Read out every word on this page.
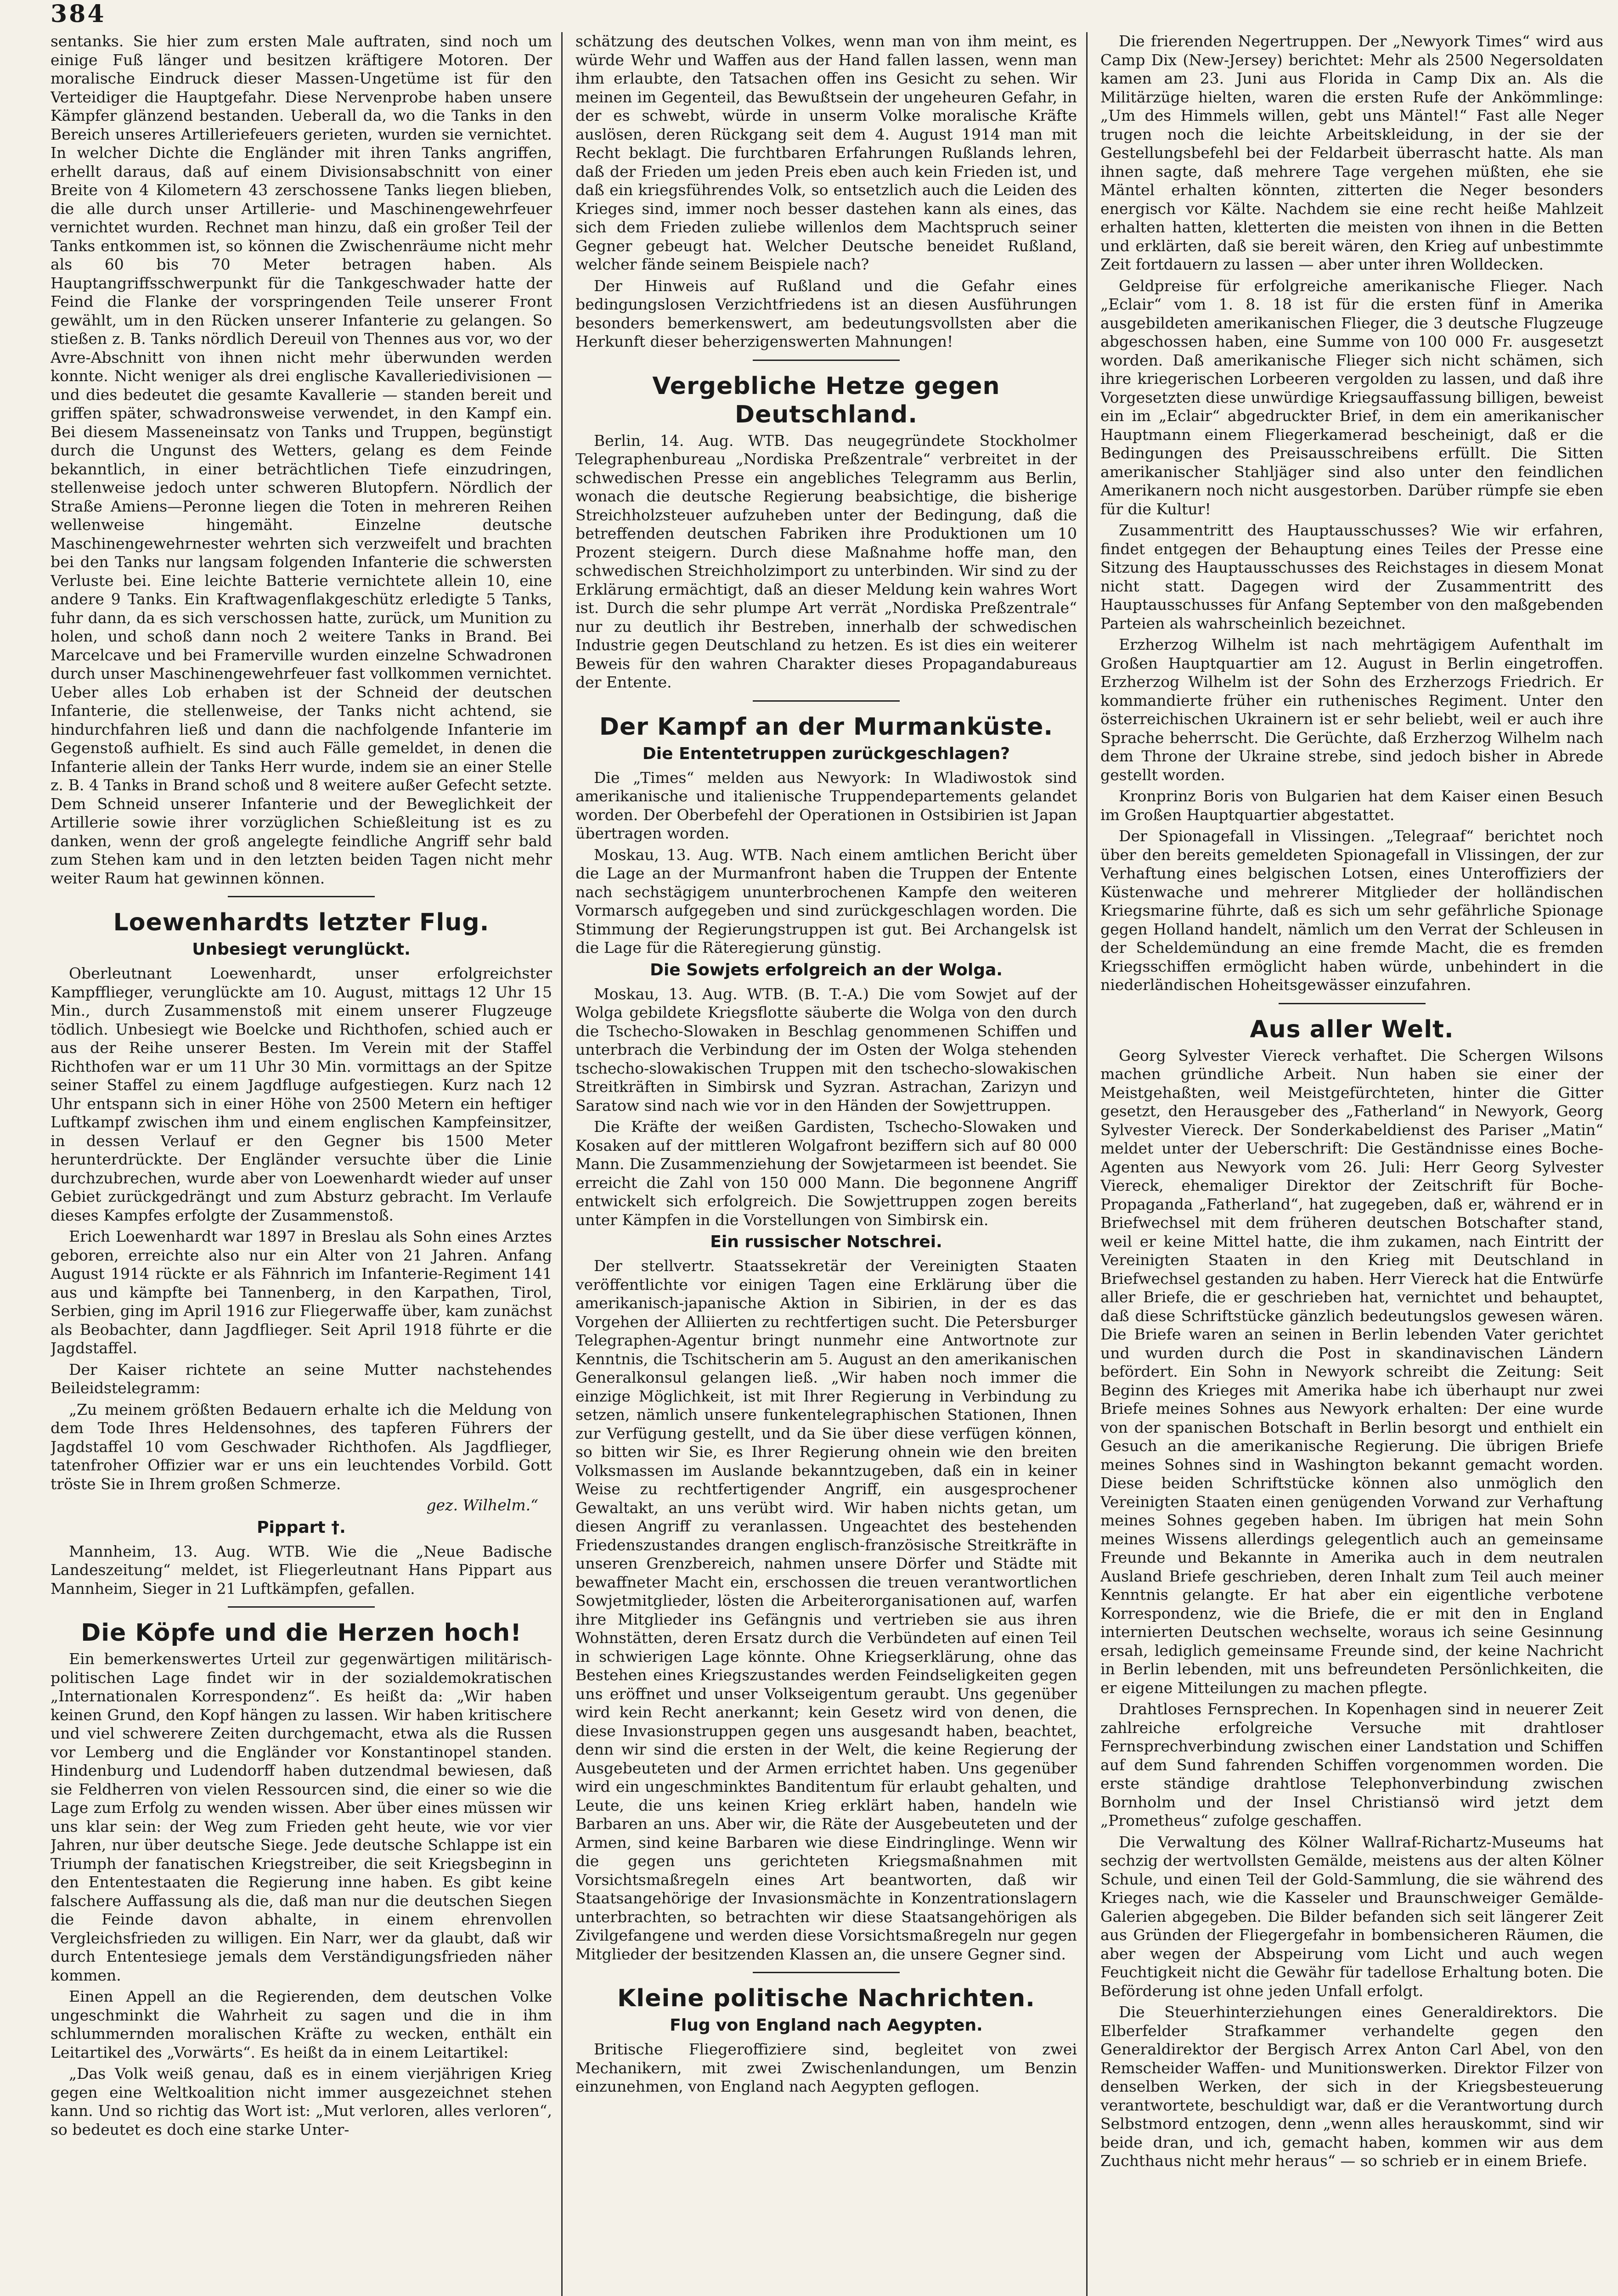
384

sentanks. Sie hier zum ersten Male auftraten, sind noch um einige Fuß länger und besitzen kräftigere Motoren. Der moralische Eindruck dieser Massen-Ungetüme ist für den Verteidiger die Hauptgefahr. Diese Nervenprobe haben unsere Kämpfer glänzend bestanden. Ueberall da, wo die Tanks in den Bereich unseres Artilleriefeuers gerieten, wurden sie vernichtet. In welcher Dichte die Engländer mit ihren Tanks angriffen, erhellt daraus, daß auf einem Divisionsabschnitt von einer Breite von 4 Kilometern 43 zerschossene Tanks liegen blieben, die alle durch unser Artillerie- und Maschinengewehrfeuer vernichtet wurden. Rechnet man hinzu, daß ein großer Teil der Tanks entkommen ist, so können die Zwischenräume nicht mehr als 60 bis 70 Meter betragen haben. Als Hauptangriffsschwerpunkt für die Tankgeschwader hatte der Feind die Flanke der vorspringenden Teile unserer Front gewählt, um in den Rücken unserer Infanterie zu gelangen. So stießen z. B. Tanks nördlich Dereuil von Thennes aus vor, wo der Avre-Abschnitt von ihnen nicht mehr überwunden werden konnte. Nicht weniger als drei englische Kavalleriedivisionen — und dies bedeutet die gesamte Kavallerie — standen bereit und griffen später, schwadronsweise verwendet, in den Kampf ein. Bei diesem Masseneinsatz von Tanks und Truppen, begünstigt durch die Ungunst des Wetters, gelang es dem Feinde bekanntlich, in einer beträchtlichen Tiefe einzudringen, stellenweise jedoch unter schweren Blutopfern. Nördlich der Straße Amiens—Peronne liegen die Toten in mehreren Reihen wellenweise hingemäht. Einzelne deutsche Maschinengewehrnester wehrten sich verzweifelt und brachten bei den Tanks nur langsam folgenden Infanterie die schwersten Verluste bei. Eine leichte Batterie vernichtete allein 10, eine andere 9 Tanks. Ein Kraftwagenflakgeschütz erledigte 5 Tanks, fuhr dann, da es sich verschossen hatte, zurück, um Munition zu holen, und schoß dann noch 2 weitere Tanks in Brand. Bei Marcelcave und bei Framerville wurden einzelne Schwadronen durch unser Maschinengewehrfeuer fast vollkommen vernichtet. Ueber alles Lob erhaben ist der Schneid der deutschen Infanterie, die stellenweise, der Tanks nicht achtend, sie hindurchfahren ließ und dann die nachfolgende Infanterie im Gegenstoß aufhielt. Es sind auch Fälle gemeldet, in denen die Infanterie allein der Tanks Herr wurde, indem sie an einer Stelle z. B. 4 Tanks in Brand schoß und 8 weitere außer Gefecht setzte. Dem Schneid unserer Infanterie und der Beweglichkeit der Artillerie sowie ihrer vorzüglichen Schießleitung ist es zu danken, wenn der groß angelegte feindliche Angriff sehr bald zum Stehen kam und in den letzten beiden Tagen nicht mehr weiter Raum hat gewinnen können.

Loewenhardts letzter Flug.
Unbesiegt verunglückt.

Oberleutnant Loewenhardt, unser erfolgreichster Kampfflieger, verunglückte am 10. August, mittags 12 Uhr 15 Min., durch Zusammenstoß mit einem unserer Flugzeuge tödlich. Unbesiegt wie Boelcke und Richthofen, schied auch er aus der Reihe unserer Besten. Im Verein mit der Staffel Richthofen war er um 11 Uhr 30 Min. vormittags an der Spitze seiner Staffel zu einem Jagdfluge aufgestiegen. Kurz nach 12 Uhr entspann sich in einer Höhe von 2500 Metern ein heftiger Luftkampf zwischen ihm und einem englischen Kampfeinsitzer, in dessen Verlauf er den Gegner bis 1500 Meter herunterdrückte. Der Engländer versuchte über die Linie durchzubrechen, wurde aber von Loewenhardt wieder auf unser Gebiet zurückgedrängt und zum Absturz gebracht. Im Verlaufe dieses Kampfes erfolgte der Zusammenstoß.

Erich Loewenhardt war 1897 in Breslau als Sohn eines Arztes geboren, erreichte also nur ein Alter von 21 Jahren. Anfang August 1914 rückte er als Fähnrich im Infanterie-Regiment 141 aus und kämpfte bei Tannenberg, in den Karpathen, Tirol, Serbien, ging im April 1916 zur Fliegerwaffe über, kam zunächst als Beobachter, dann Jagdflieger. Seit April 1918 führte er die Jagdstaffel.

Der Kaiser richtete an seine Mutter nachstehendes Beileidstelegramm:

„Zu meinem größten Bedauern erhalte ich die Meldung von dem Tode Ihres Heldensohnes, des tapferen Führers der Jagdstaffel 10 vom Geschwader Richthofen. Als Jagdflieger, tatenfroher Offizier war er uns ein leuchtendes Vorbild. Gott tröste Sie in Ihrem großen Schmerze.

gez. Wilhelm.“

Pippart †.

Mannheim, 13. Aug. WTB. Wie die „Neue Badische Landeszeitung“ meldet, ist Fliegerleutnant Hans Pippart aus Mannheim, Sieger in 21 Luftkämpfen, gefallen.

Die Köpfe und die Herzen hoch!

Ein bemerkenswertes Urteil zur gegenwärtigen militärisch-politischen Lage findet wir in der sozialdemokratischen „Internationalen Korrespondenz“. Es heißt da: „Wir haben keinen Grund, den Kopf hängen zu lassen. Wir haben kritischere und viel schwerere Zeiten durchgemacht, etwa als die Russen vor Lemberg und die Engländer vor Konstantinopel standen. Hindenburg und Ludendorff haben dutzendmal bewiesen, daß sie Feldherren von vielen Ressourcen sind, die einer so wie die Lage zum Erfolg zu wenden wissen. Aber über eines müssen wir uns klar sein: der Weg zum Frieden geht heute, wie vor vier Jahren, nur über deutsche Siege. Jede deutsche Schlappe ist ein Triumph der fanatischen Kriegstreiber, die seit Kriegsbeginn in den Ententestaaten die Regierung inne haben. Es gibt keine falschere Auffassung als die, daß man nur die deutschen Siegen die Feinde davon abhalte, in einem ehrenvollen Vergleichsfrieden zu willigen. Ein Narr, wer da glaubt, daß wir durch Ententesiege jemals dem Verständigungsfrieden näher kommen.

Einen Appell an die Regierenden, dem deutschen Volke ungeschminkt die Wahrheit zu sagen und die in ihm schlummernden moralischen Kräfte zu wecken, enthält ein Leitartikel des „Vorwärts“. Es heißt da in einem Leitartikel:

„Das Volk weiß genau, daß es in einem vierjährigen Krieg gegen eine Weltkoalition nicht immer ausgezeichnet stehen kann. Und so richtig das Wort ist: „Mut verloren, alles verloren“, so bedeutet es doch eine starke Unter-

schätzung des deutschen Volkes, wenn man von ihm meint, es würde Wehr und Waffen aus der Hand fallen lassen, wenn man ihm erlaubte, den Tatsachen offen ins Gesicht zu sehen. Wir meinen im Gegenteil, das Bewußtsein der ungeheuren Gefahr, in der es schwebt, würde in unserm Volke moralische Kräfte auslösen, deren Rückgang seit dem 4. August 1914 man mit Recht beklagt. Die furchtbaren Erfahrungen Rußlands lehren, daß der Frieden um jeden Preis eben auch kein Frieden ist, und daß ein kriegsführendes Volk, so entsetzlich auch die Leiden des Krieges sind, immer noch besser dastehen kann als eines, das sich dem Frieden zuliebe willenlos dem Machtspruch seiner Gegner gebeugt hat. Welcher Deutsche beneidet Rußland, welcher fände seinem Beispiele nach?

Der Hinweis auf Rußland und die Gefahr eines bedingungslosen Verzichtfriedens ist an diesen Ausführungen besonders bemerkenswert, am bedeutungsvollsten aber die Herkunft dieser beherzigenswerten Mahnungen!

Vergebliche Hetze gegen Deutschland.

Berlin, 14. Aug. WTB. Das neugegründete Stockholmer Telegraphenbureau „Nordiska Preßzentrale“ verbreitet in der schwedischen Presse ein angebliches Telegramm aus Berlin, wonach die deutsche Regierung beabsichtige, die bisherige Streichholzsteuer aufzuheben unter der Bedingung, daß die betreffenden deutschen Fabriken ihre Produktionen um 10 Prozent steigern. Durch diese Maßnahme hoffe man, den schwedischen Streichholzimport zu unterbinden. Wir sind zu der Erklärung ermächtigt, daß an dieser Meldung kein wahres Wort ist. Durch die sehr plumpe Art verrät „Nordiska Preßzentrale“ nur zu deutlich ihr Bestreben, innerhalb der schwedischen Industrie gegen Deutschland zu hetzen. Es ist dies ein weiterer Beweis für den wahren Charakter dieses Propagandabureaus der Entente.

Der Kampf an der Murmanküste.
Die Ententetruppen zurückgeschlagen?

Die „Times“ melden aus Newyork: In Wladiwostok sind amerikanische und italienische Truppendepartements gelandet worden. Der Oberbefehl der Operationen in Ostsibirien ist Japan übertragen worden.

Moskau, 13. Aug. WTB. Nach einem amtlichen Bericht über die Lage an der Murmanfront haben die Truppen der Entente nach sechstägigem ununterbrochenen Kampfe den weiteren Vormarsch aufgegeben und sind zurückgeschlagen worden. Die Stimmung der Regierungstruppen ist gut. Bei Archangelsk ist die Lage für die Räteregierung günstig.

Die Sowjets erfolgreich an der Wolga.

Moskau, 13. Aug. WTB. (B. T.-A.) Die vom Sowjet auf der Wolga gebildete Kriegsflotte säuberte die Wolga von den durch die Tschecho-Slowaken in Beschlag genommenen Schiffen und unterbrach die Verbindung der im Osten der Wolga stehenden tschecho-slowakischen Truppen mit den tschecho-slowakischen Streitkräften in Simbirsk und Syzran. Astrachan, Zarizyn und Saratow sind nach wie vor in den Händen der Sowjettruppen.

Die Kräfte der weißen Gardisten, Tschecho-Slowaken und Kosaken auf der mittleren Wolgafront beziffern sich auf 80 000 Mann. Die Zusammenziehung der Sowjetarmeen ist beendet. Sie erreicht die Zahl von 150 000 Mann. Die begonnene Angriff entwickelt sich erfolgreich. Die Sowjettruppen zogen bereits unter Kämpfen in die Vorstellungen von Simbirsk ein.

Ein russischer Notschrei.

Der stellvertr. Staatssekretär der Vereinigten Staaten veröffentlichte vor einigen Tagen eine Erklärung über die amerikanisch-japanische Aktion in Sibirien, in der es das Vorgehen der Alliierten zu rechtfertigen sucht. Die Petersburger Telegraphen-Agentur bringt nunmehr eine Antwortnote zur Kenntnis, die Tschitscherin am 5. August an den amerikanischen Generalkonsul gelangen ließ. „Wir haben noch immer die einzige Möglichkeit, ist mit Ihrer Regierung in Verbindung zu setzen, nämlich unsere funkentelegraphischen Stationen, Ihnen zur Verfügung gestellt, und da Sie über diese verfügen können, so bitten wir Sie, es Ihrer Regierung ohnein wie den breiten Volksmassen im Auslande bekanntzugeben, daß ein in keiner Weise zu rechtfertigender Angriff, ein ausgesprochener Gewaltakt, an uns verübt wird. Wir haben nichts getan, um diesen Angriff zu veranlassen. Ungeachtet des bestehenden Friedenszustandes drangen englisch-französische Streitkräfte in unseren Grenzbereich, nahmen unsere Dörfer und Städte mit bewaffneter Macht ein, erschossen die treuen verantwortlichen Sowjetmitglieder, lösten die Arbeiterorganisationen auf, warfen ihre Mitglieder ins Gefängnis und vertrieben sie aus ihren Wohnstätten, deren Ersatz durch die Verbündeten auf einen Teil in schwierigen Lage könnte. Ohne Kriegserklärung, ohne das Bestehen eines Kriegszustandes werden Feindseligkeiten gegen uns eröffnet und unser Volkseigentum geraubt. Uns gegenüber wird kein Recht anerkannt; kein Gesetz wird von denen, die diese Invasionstruppen gegen uns ausgesandt haben, beachtet, denn wir sind die ersten in der Welt, die keine Regierung der Ausgebeuteten und der Armen errichtet haben. Uns gegenüber wird ein ungeschminktes Banditentum für erlaubt gehalten, und Leute, die uns keinen Krieg erklärt haben, handeln wie Barbaren an uns. Aber wir, die Räte der Ausgebeuteten und der Armen, sind keine Barbaren wie diese Eindringlinge. Wenn wir die gegen uns gerichteten Kriegsmaßnahmen mit Vorsichtsmaßregeln eines Art beantworten, daß wir Staatsangehörige der Invasionsmächte in Konzentrationslagern unterbrachten, so betrachten wir diese Staatsangehörigen als Zivilgefangene und werden diese Vorsichtsmaßregeln nur gegen Mitglieder der besitzenden Klassen an, die unsere Gegner sind.

Kleine politische Nachrichten.
Flug von England nach Aegypten.

Britische Fliegeroffiziere sind, begleitet von zwei Mechanikern, mit zwei Zwischenlandungen, um Benzin einzunehmen, von England nach Aegypten geflogen.

Die frierenden Negertruppen. Der „Newyork Times“ wird aus Camp Dix (New-Jersey) berichtet: Mehr als 2500 Negersoldaten kamen am 23. Juni aus Florida in Camp Dix an. Als die Militärzüge hielten, waren die ersten Rufe der Ankömmlinge: „Um des Himmels willen, gebt uns Mäntel!“ Fast alle Neger trugen noch die leichte Arbeitskleidung, in der sie der Gestellungsbefehl bei der Feldarbeit überrascht hatte. Als man ihnen sagte, daß mehrere Tage vergehen müßten, ehe sie Mäntel erhalten könnten, zitterten die Neger besonders energisch vor Kälte. Nachdem sie eine recht heiße Mahlzeit erhalten hatten, kletterten die meisten von ihnen in die Betten und erklärten, daß sie bereit wären, den Krieg auf unbestimmte Zeit fortdauern zu lassen — aber unter ihren Wolldecken.

Geldpreise für erfolgreiche amerikanische Flieger. Nach „Eclair“ vom 1. 8. 18 ist für die ersten fünf in Amerika ausgebildeten amerikanischen Flieger, die 3 deutsche Flugzeuge abgeschossen haben, eine Summe von 100 000 Fr. ausgesetzt worden. Daß amerikanische Flieger sich nicht schämen, sich ihre kriegerischen Lorbeeren vergolden zu lassen, und daß ihre Vorgesetzten diese unwürdige Kriegsauffassung billigen, beweist ein im „Eclair“ abgedruckter Brief, in dem ein amerikanischer Hauptmann einem Fliegerkamerad bescheinigt, daß er die Bedingungen des Preisausschreibens erfüllt. Die Sitten amerikanischer Stahljäger sind also unter den feindlichen Amerikanern noch nicht ausgestorben. Darüber rümpfe sie eben für die Kultur!

Zusammentritt des Hauptausschusses? Wie wir erfahren, findet entgegen der Behauptung eines Teiles der Presse eine Sitzung des Hauptausschusses des Reichstages in diesem Monat nicht statt. Dagegen wird der Zusammentritt des Hauptausschusses für Anfang September von den maßgebenden Parteien als wahrscheinlich bezeichnet.

Erzherzog Wilhelm ist nach mehrtägigem Aufenthalt im Großen Hauptquartier am 12. August in Berlin eingetroffen. Erzherzog Wilhelm ist der Sohn des Erzherzogs Friedrich. Er kommandierte früher ein ruthenisches Regiment. Unter den österreichischen Ukrainern ist er sehr beliebt, weil er auch ihre Sprache beherrscht. Die Gerüchte, daß Erzherzog Wilhelm nach dem Throne der Ukraine strebe, sind jedoch bisher in Abrede gestellt worden.

Kronprinz Boris von Bulgarien hat dem Kaiser einen Besuch im Großen Hauptquartier abgestattet.

Der Spionagefall in Vlissingen. „Telegraaf“ berichtet noch über den bereits gemeldeten Spionagefall in Vlissingen, der zur Verhaftung eines belgischen Lotsen, eines Unteroffiziers der Küstenwache und mehrerer Mitglieder der holländischen Kriegsmarine führte, daß es sich um sehr gefährliche Spionage gegen Holland handelt, nämlich um den Verrat der Schleusen in der Scheldemündung an eine fremde Macht, die es fremden Kriegsschiffen ermöglicht haben würde, unbehindert in die niederländischen Hoheitsgewässer einzufahren.

Aus aller Welt.

Georg Sylvester Viereck verhaftet. Die Schergen Wilsons machen gründliche Arbeit. Nun haben sie einer der Meistgehaßten, weil Meistgefürchteten, hinter die Gitter gesetzt, den Herausgeber des „Fatherland“ in Newyork, Georg Sylvester Viereck. Der Sonderkabeldienst des Pariser „Matin“ meldet unter der Ueberschrift: Die Geständnisse eines Boche-Agenten aus Newyork vom 26. Juli: Herr Georg Sylvester Viereck, ehemaliger Direktor der Zeitschrift für Boche-Propaganda „Fatherland“, hat zugegeben, daß er, während er in Briefwechsel mit dem früheren deutschen Botschafter stand, weil er keine Mittel hatte, die ihm zukamen, nach Eintritt der Vereinigten Staaten in den Krieg mit Deutschland in Briefwechsel gestanden zu haben. Herr Viereck hat die Entwürfe aller Briefe, die er geschrieben hat, vernichtet und behauptet, daß diese Schriftstücke gänzlich bedeutungslos gewesen wären. Die Briefe waren an seinen in Berlin lebenden Vater gerichtet und wurden durch die Post in skandinavischen Ländern befördert. Ein Sohn in Newyork schreibt die Zeitung: Seit Beginn des Krieges mit Amerika habe ich überhaupt nur zwei Briefe meines Sohnes aus Newyork erhalten: Der eine wurde von der spanischen Botschaft in Berlin besorgt und enthielt ein Gesuch an die amerikanische Regierung. Die übrigen Briefe meines Sohnes sind in Washington bekannt gemacht worden. Diese beiden Schriftstücke können also unmöglich den Vereinigten Staaten einen genügenden Vorwand zur Verhaftung meines Sohnes gegeben haben. Im übrigen hat mein Sohn meines Wissens allerdings gelegentlich auch an gemeinsame Freunde und Bekannte in Amerika auch in dem neutralen Ausland Briefe geschrieben, deren Inhalt zum Teil auch meiner Kenntnis gelangte. Er hat aber ein eigentliche verbotene Korrespondenz, wie die Briefe, die er mit den in England internierten Deutschen wechselte, woraus ich seine Gesinnung ersah, lediglich gemeinsame Freunde sind, der keine Nachricht in Berlin lebenden, mit uns befreundeten Persönlichkeiten, die er eigene Mitteilungen zu machen pflegte.

Drahtloses Fernsprechen. In Kopenhagen sind in neuerer Zeit zahlreiche erfolgreiche Versuche mit drahtloser Fernsprechverbindung zwischen einer Landstation und Schiffen auf dem Sund fahrenden Schiffen vorgenommen worden. Die erste ständige drahtlose Telephonverbindung zwischen Bornholm und der Insel Christiansö wird jetzt dem „Prometheus“ zufolge geschaffen.

Die Verwaltung des Kölner Wallraf-Richartz-Museums hat sechzig der wertvollsten Gemälde, meistens aus der alten Kölner Schule, und einen Teil der Gold-Sammlung, die sie während des Krieges nach, wie die Kasseler und Braunschweiger Gemälde-Galerien abgegeben. Die Bilder befanden sich seit längerer Zeit aus Gründen der Fliegergefahr in bombensicheren Räumen, die aber wegen der Abspeirung vom Licht und auch wegen Feuchtigkeit nicht die Gewähr für tadellose Erhaltung boten. Die Beförderung ist ohne jeden Unfall erfolgt.

Die Steuerhinterziehungen eines Generaldirektors. Die Elberfelder Strafkammer verhandelte gegen den Generaldirektor der Bergisch Arrex Anton Carl Abel, von den Remscheider Waffen- und Munitionswerken. Direktor Filzer von denselben Werken, der sich in der Kriegsbesteuerung verantwortete, beschuldigt war, daß er die Verantwortung durch Selbstmord entzogen, denn „wenn alles herauskommt, sind wir beide dran, und ich, gemacht haben, kommen wir aus dem Zuchthaus nicht mehr heraus“ — so schrieb er in einem Briefe.
